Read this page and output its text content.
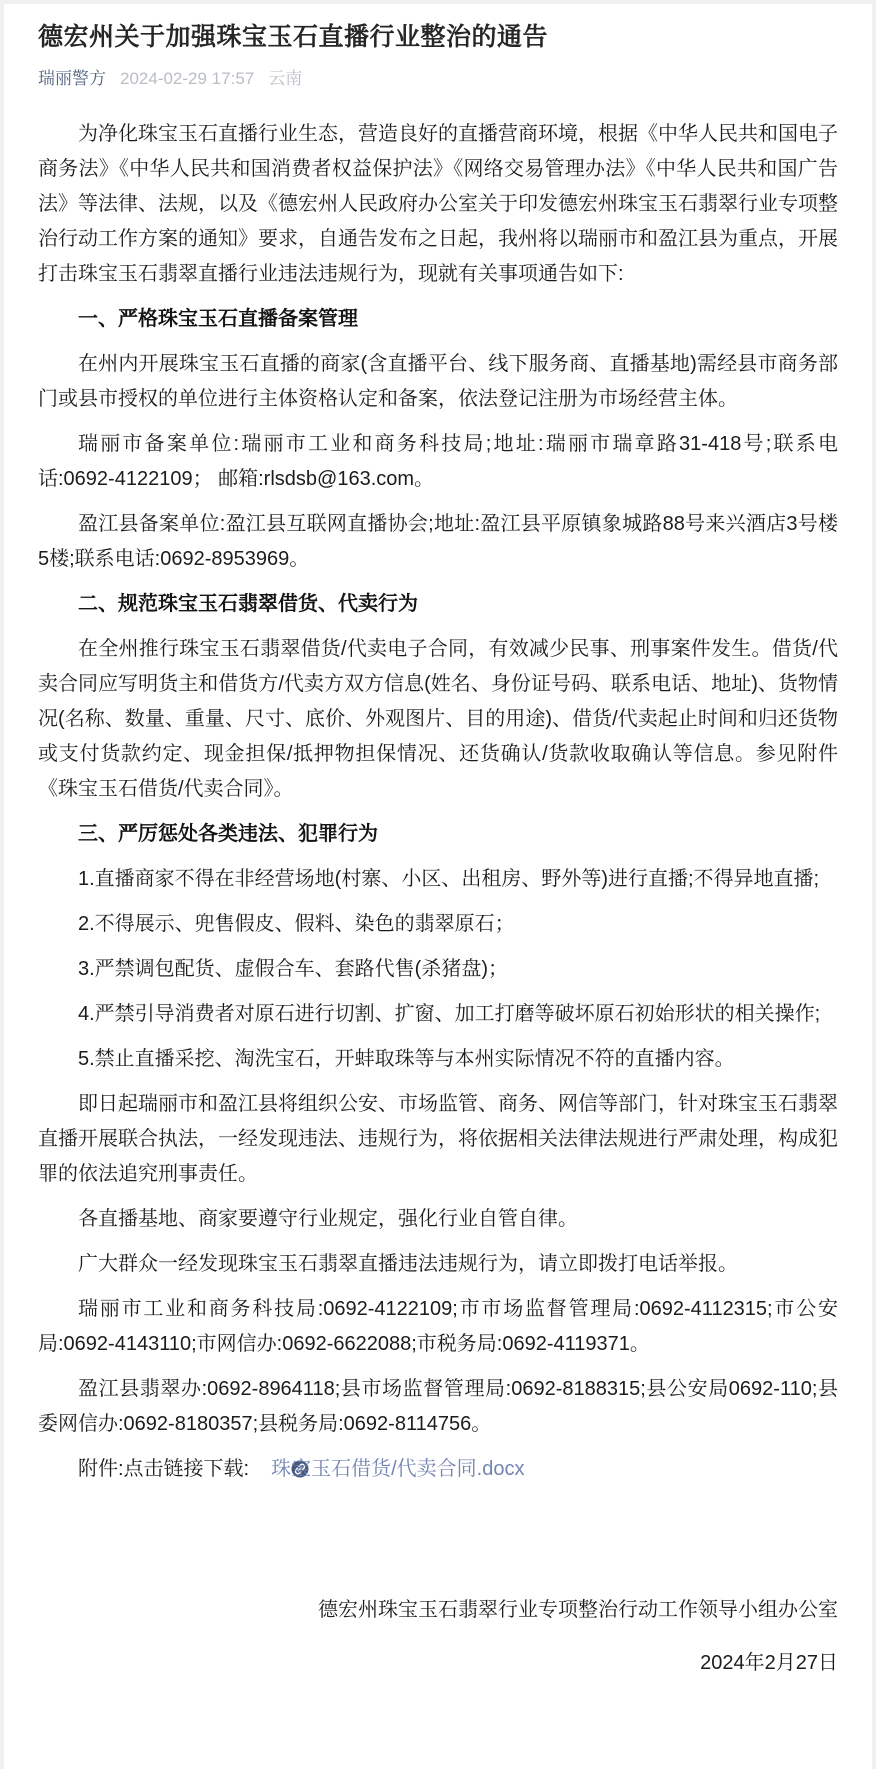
德宏州关于加强珠宝玉石直播行业整治的通告
瑞丽警方 2024-02-29 17:57 云南

为净化珠宝玉石直播行业生态，营造良好的直播营商环境，根据《中华人民共和国电子商务法》《中华人民共和国消费者权益保护法》《网络交易管理办法》《中华人民共和国广告法》等法律、法规，以及《德宏州人民政府办公室关于印发德宏州珠宝玉石翡翠行业专项整治行动工作方案的通知》要求，自通告发布之日起，我州将以瑞丽市和盈江县为重点，开展打击珠宝玉石翡翠直播行业违法违规行为，现就有关事项通告如下:

一、严格珠宝玉石直播备案管理

在州内开展珠宝玉石直播的商家(含直播平台、线下服务商、直播基地)需经县市商务部门或县市授权的单位进行主体资格认定和备案，依法登记注册为市场经营主体。

瑞丽市备案单位:瑞丽市工业和商务科技局;地址:瑞丽市瑞章路31-418号;联系电话:0692-4122109； 邮箱:rlsdsb@163.com。

盈江县备案单位:盈江县互联网直播协会;地址:盈江县平原镇象城路88号来兴酒店3号楼5楼;联系电话:0692-8953969。

二、规范珠宝玉石翡翠借货、代卖行为

在全州推行珠宝玉石翡翠借货/代卖电子合同，有效减少民事、刑事案件发生。借货/代卖合同应写明货主和借货方/代卖方双方信息(姓名、身份证号码、联系电话、地址)、货物情况(名称、数量、重量、尺寸、底价、外观图片、目的用途)、借货/代卖起止时间和归还货物或支付货款约定、现金担保/抵押物担保情况、还货确认/货款收取确认等信息。参见附件《珠宝玉石借货/代卖合同》。

三、严厉惩处各类违法、犯罪行为

1.直播商家不得在非经营场地(村寨、小区、出租房、野外等)进行直播;不得异地直播;

2.不得展示、兜售假皮、假料、染色的翡翠原石；

3.严禁调包配货、虚假合车、套路代售(杀猪盘)；

4.严禁引导消费者对原石进行切割、扩窗、加工打磨等破坏原石初始形状的相关操作;

5.禁止直播采挖、淘洗宝石，开蚌取珠等与本州实际情况不符的直播内容。

即日起瑞丽市和盈江县将组织公安、市场监管、商务、网信等部门，针对珠宝玉石翡翠直播开展联合执法，一经发现违法、违规行为，将依据相关法律法规进行严肃处理，构成犯罪的依法追究刑事责任。

各直播基地、商家要遵守行业规定，强化行业自管自律。

广大群众一经发现珠宝玉石翡翠直播违法违规行为，请立即拨打电话举报。

瑞丽市工业和商务科技局:0692-4122109;市市场监督管理局:0692-4112315;市公安局:0692-4143110;市网信办:0692-6622088;市税务局:0692-4119371。

盈江县翡翠办:0692-8964118;县市场监督管理局:0692-8188315;县公安局0692-110;县委网信办:0692-8180357;县税务局:0692-8114756。

附件:点击链接下载: 珠宝玉石借货/代卖合同.docx
德宏州珠宝玉石翡翠行业专项整治行动工作领导小组办公室
2024年2月27日
